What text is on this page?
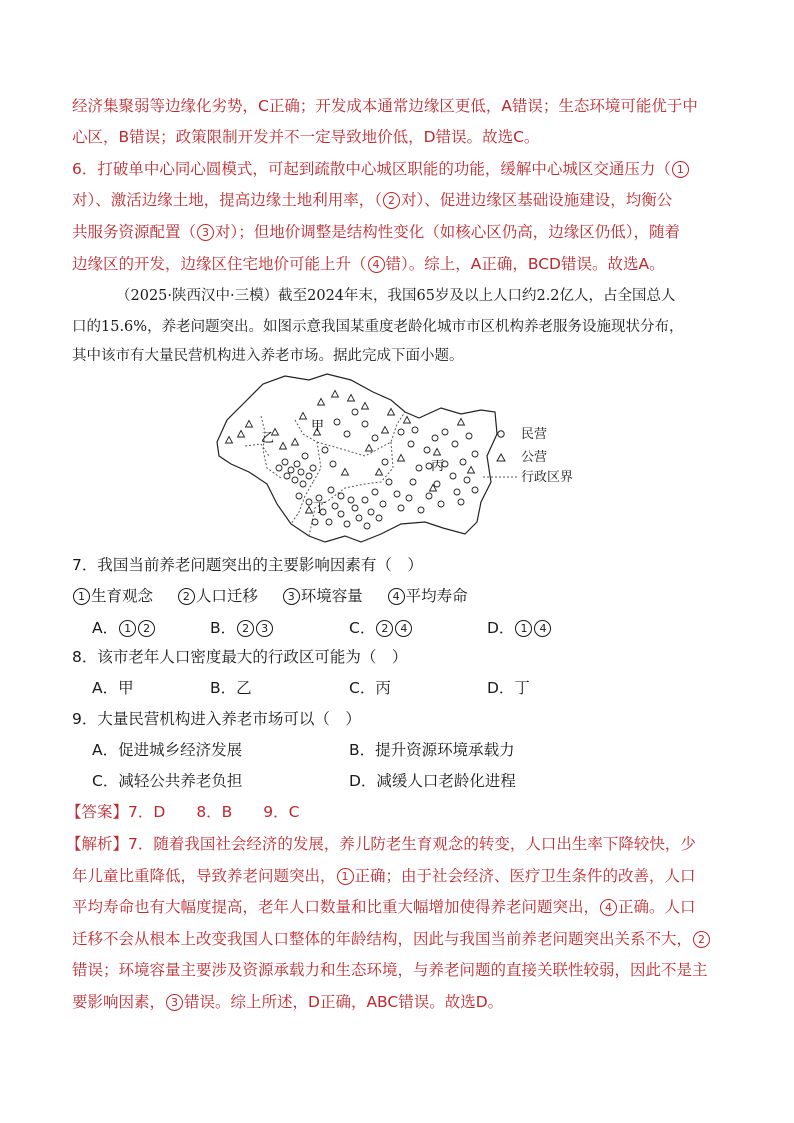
经济集聚弱等边缘化劣势，C正确；开发成本通常边缘区更低，A错误；生态环境可能优于中
心区，B错误；政策限制开发并不一定导致地价低，D错误。故选C。
6．打破单中心同心圆模式，可起到疏散中心城区职能的功能，缓解中心城区交通压力（ 1
对）、激活边缘土地，提高边缘土地利用率，（ 2 对）、促进边缘区基础设施建设，均衡公
共服务资源配置（ 3 对）；但地价调整是结构性变化（如核心区仍高，边缘区仍低），随着
边缘区的开发，边缘区住宅地价可能上升（ 4 错）。综上，A正确，BCD错误。故选A。
（2025·陕西汉中·三模）截至2024年末，我国65岁及以上人口约2.2亿人，占全国总人
口的15.6%，养老问题突出。如图示意我国某重度老龄化城市市区机构养老服务设施现状分布，
其中该市有大量民营机构进入养老市场。据此完成下面小题。
甲
乙
丙
丁
民营
公营
行政区界
7．我国当前养老问题突出的主要影响因素有（　）
1 生育观念	2 人口迁移	3 环境容量	4 平均寿命
A． 1 2	B． 2 3	C． 2 4	D． 1 4
8．该市老年人口密度最大的行政区可能为（　）
A．甲	B．乙	C．丙	D．丁
9．大量民营机构进入养老市场可以（　）
A．促进城乡经济发展	B．提升资源环境承载力
C．减轻公共养老负担	D．减缓人口老龄化进程
【答案】7．D　　8．B　　9．C
【解析】7．随着我国社会经济的发展，养儿防老生育观念的转变，人口出生率下降较快，少
年儿童比重降低，导致养老问题突出， 1 正确；由于社会经济、医疗卫生条件的改善，人口
平均寿命也有大幅度提高，老年人口数量和比重大幅增加使得养老问题突出， 4 正确。人口
迁移不会从根本上改变我国人口整体的年龄结构，因此与我国当前养老问题突出关系不大， 2
错误；环境容量主要涉及资源承载力和生态环境，与养老问题的直接关联性较弱，因此不是主
要影响因素， 3 错误。综上所述，D正确，ABC错误。故选D。
